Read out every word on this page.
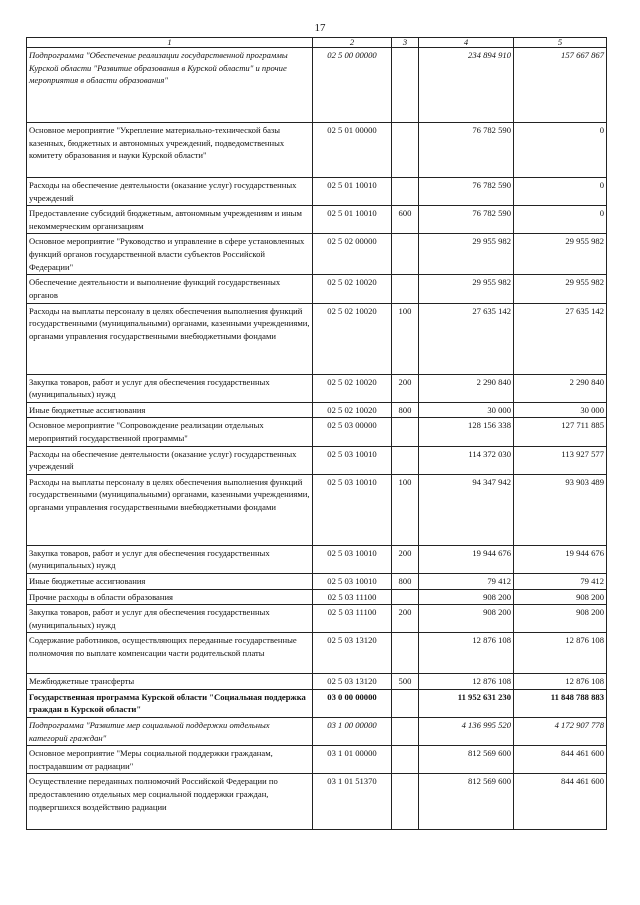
17
1	2	3	4	5
Подпрограмма "Обеспечение реализации государственной программы Курской области "Развитие образования в Курской области" и прочие мероприятия в области образования"	02 5 00 00000		234 894 910	157 667 867
Основное мероприятие "Укрепление материально-технической базы казенных, бюджетных и автономных учреждений, подведомственных комитету образования и науки Курской области"	02 5 01 00000		76 782 590	0
Расходы на обеспечение деятельности (оказание услуг) государственных учреждений	02 5 01 10010		76 782 590	0
Предоставление субсидий бюджетным, автономным учреждениям и иным некоммерческим организациям	02 5 01 10010	600	76 782 590	0
Основное мероприятие "Руководство и управление в сфере установленных функций органов государственной власти субъектов Российской Федерации"	02 5 02 00000		29 955 982	29 955 982
Обеспечение деятельности и выполнение функций государственных органов	02 5 02 10020		29 955 982	29 955 982
Расходы на выплаты персоналу в целях обеспечения выполнения функций государственными (муниципальными) органами, казенными учреждениями, органами управления государственными внебюджетными фондами	02 5 02 10020	100	27 635 142	27 635 142
Закупка товаров, работ и услуг для обеспечения государственных (муниципальных) нужд	02 5 02 10020	200	2 290 840	2 290 840
Иные бюджетные ассигнования	02 5 02 10020	800	30 000	30 000
Основное мероприятие "Сопровождение реализации отдельных мероприятий государственной программы"	02 5 03 00000		128 156 338	127 711 885
Расходы на обеспечение деятельности (оказание услуг) государственных учреждений	02 5 03 10010		114 372 030	113 927 577
Расходы на выплаты персоналу в целях обеспечения выполнения функций государственными (муниципальными) органами, казенными учреждениями, органами управления государственными внебюджетными фондами	02 5 03 10010	100	94 347 942	93 903 489
Закупка товаров, работ и услуг для обеспечения государственных (муниципальных) нужд	02 5 03 10010	200	19 944 676	19 944 676
Иные бюджетные ассигнования	02 5 03 10010	800	79 412	79 412
Прочие расходы в области образования	02 5 03 11100		908 200	908 200
Закупка товаров, работ и услуг для обеспечения государственных (муниципальных) нужд	02 5 03 11100	200	908 200	908 200
Содержание работников, осуществляющих переданные государственные полномочия по выплате компенсации части родительской платы	02 5 03 13120		12 876 108	12 876 108
Межбюджетные трансферты	02 5 03 13120	500	12 876 108	12 876 108
Государственная программа Курской области "Социальная поддержка граждан в Курской области"	03 0 00 00000		11 952 631 230	11 848 788 883
Подпрограмма "Развитие мер социальной поддержки отдельных категорий граждан"	03 1 00 00000		4 136 995 520	4 172 907 778
Основное мероприятие "Меры социальной поддержки гражданам, пострадавшим от радиации"	03 1 01 00000		812 569 600	844 461 600
Осуществление переданных полномочий Российской Федерации по предоставлению отдельных мер социальной поддержки граждан, подвергшихся воздействию радиации	03 1 01 51370		812 569 600	844 461 600
